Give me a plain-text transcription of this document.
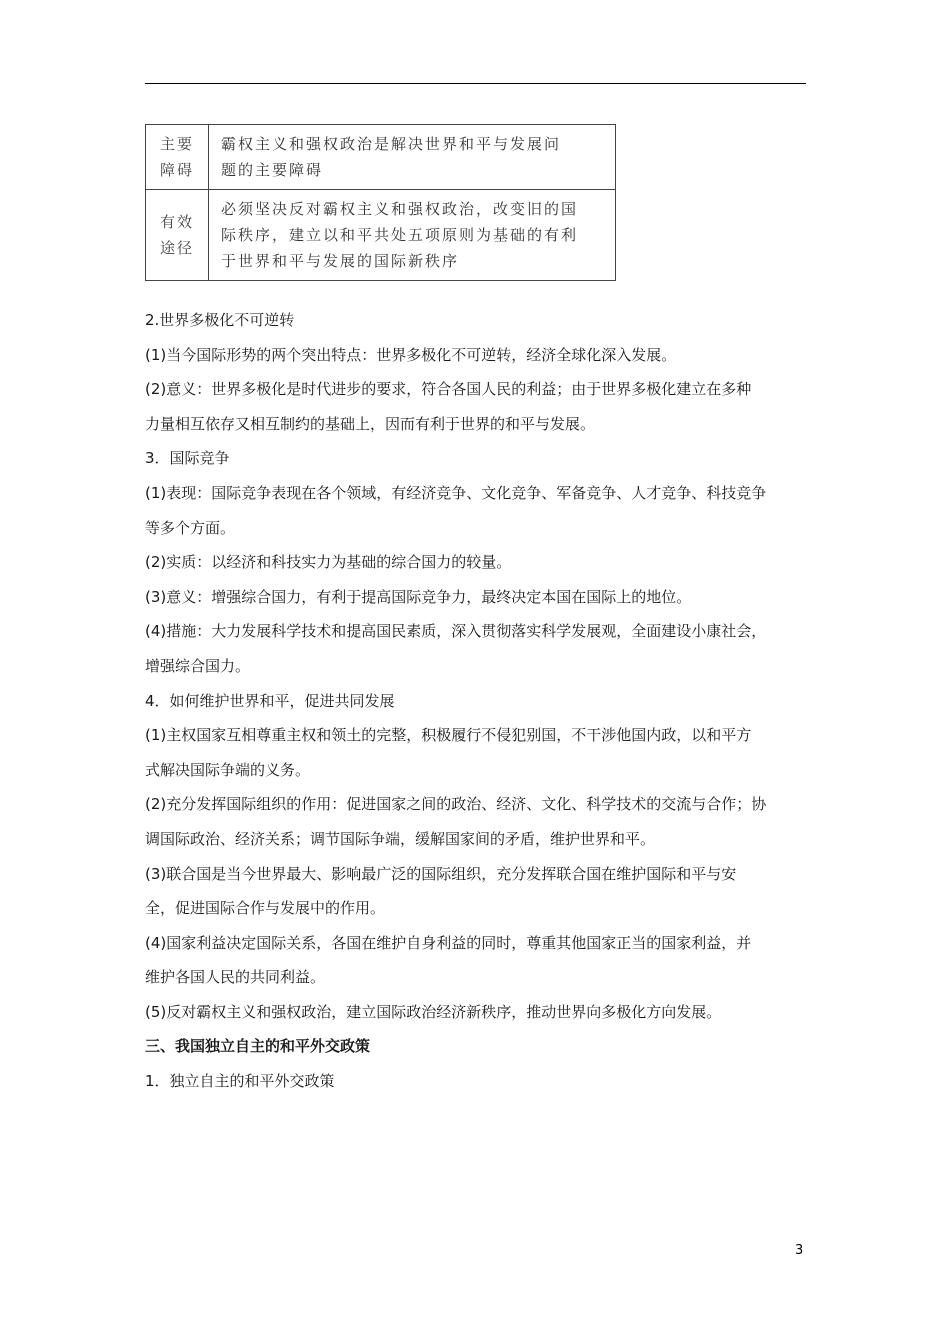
主要
障碍	霸权主义和强权政治是解决世界和平与发展问
题的主要障碍
有效
途径	必须坚决反对霸权主义和强权政治，改变旧的国
际秩序，建立以和平共处五项原则为基础的有利
于世界和平与发展的国际新秩序

2.世界多极化不可逆转

(1)当今国际形势的两个突出特点：世界多极化不可逆转，经济全球化深入发展。

(2)意义：世界多极化是时代进步的要求，符合各国人民的利益；由于世界多极化建立在多种

力量相互依存又相互制约的基础上，因而有利于世界的和平与发展。

3．国际竞争

(1)表现：国际竞争表现在各个领域，有经济竞争、文化竞争、军备竞争、人才竞争、科技竞争

等多个方面。

(2)实质：以经济和科技实力为基础的综合国力的较量。

(3)意义：增强综合国力，有利于提高国际竞争力，最终决定本国在国际上的地位。

(4)措施：大力发展科学技术和提高国民素质，深入贯彻落实科学发展观，全面建设小康社会，

增强综合国力。

4．如何维护世界和平，促进共同发展

(1)主权国家互相尊重主权和领土的完整，积极履行不侵犯别国，不干涉他国内政，以和平方

式解决国际争端的义务。

(2)充分发挥国际组织的作用：促进国家之间的政治、经济、文化、科学技术的交流与合作；协

调国际政治、经济关系；调节国际争端，缓解国家间的矛盾，维护世界和平。

(3)联合国是当今世界最大、影响最广泛的国际组织，充分发挥联合国在维护国际和平与安

全，促进国际合作与发展中的作用。

(4)国家利益决定国际关系，各国在维护自身利益的同时，尊重其他国家正当的国家利益，并

维护各国人民的共同利益。

(5)反对霸权主义和强权政治，建立国际政治经济新秩序，推动世界向多极化方向发展。

三、我国独立自主的和平外交政策

1．独立自主的和平外交政策

3
